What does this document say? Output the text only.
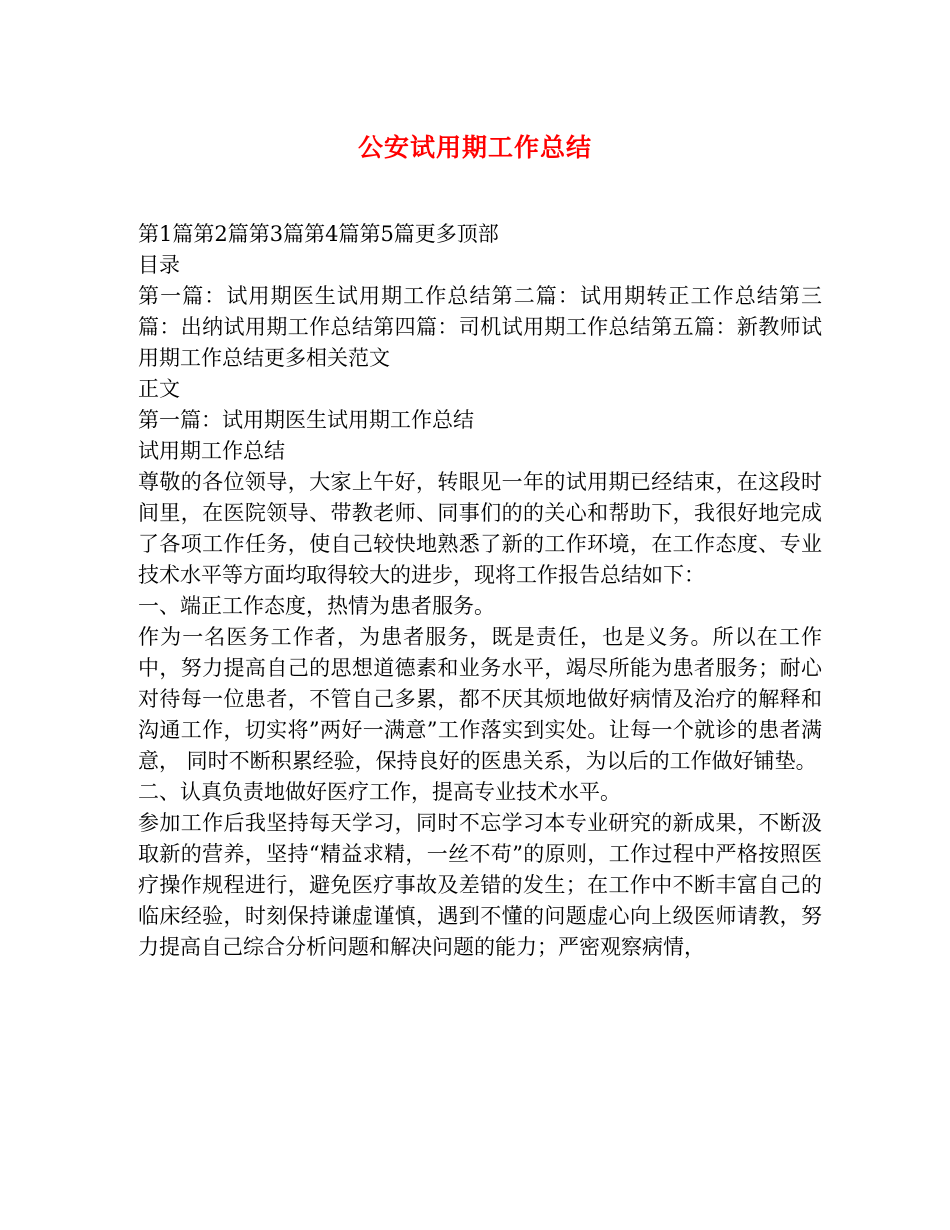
公安试用期工作总结

第1篇第2篇第3篇第4篇第5篇更多顶部

目录

第一篇：试用期医生试用期工作总结第二篇：试用期转正工作总结第三篇：出纳试用期工作总结第四篇：司机试用期工作总结第五篇：新教师试用期工作总结更多相关范文

正文

第一篇：试用期医生试用期工作总结

试用期工作总结

尊敬的各位领导，大家上午好，转眼见一年的试用期已经结束，在这段时间里，在医院领导、带教老师、同事们的的关心和帮助下，我很好地完成了各项工作任务，使自己较快地熟悉了新的工作环境，在工作态度、专业技术水平等方面均取得较大的进步，现将工作报告总结如下：

一、端正工作态度，热情为患者服务。

作为一名医务工作者，为患者服务，既是责任，也是义务。所以在工作中，努力提高自己的思想道德素和业务水平，竭尽所能为患者服务；耐心对待每一位患者，不管自己多累，都不厌其烦地做好病情及治疗的解释和沟通工作，切实将”两好一满意”工作落实到实处。让每一个就诊的患者满意， 同时不断积累经验，保持良好的医患关系，为以后的工作做好铺垫。

二、认真负责地做好医疗工作，提高专业技术水平。

参加工作后我坚持每天学习，同时不忘学习本专业研究的新成果，不断汲取新的营养，坚持“精益求精，一丝不苟”的原则，工作过程中严格按照医疗操作规程进行，避免医疗事故及差错的发生；在工作中不断丰富自己的临床经验，时刻保持谦虚谨慎，遇到不懂的问题虚心向上级医师请教，努力提高自己综合分析问题和解决问题的能力；严密观察病情，
